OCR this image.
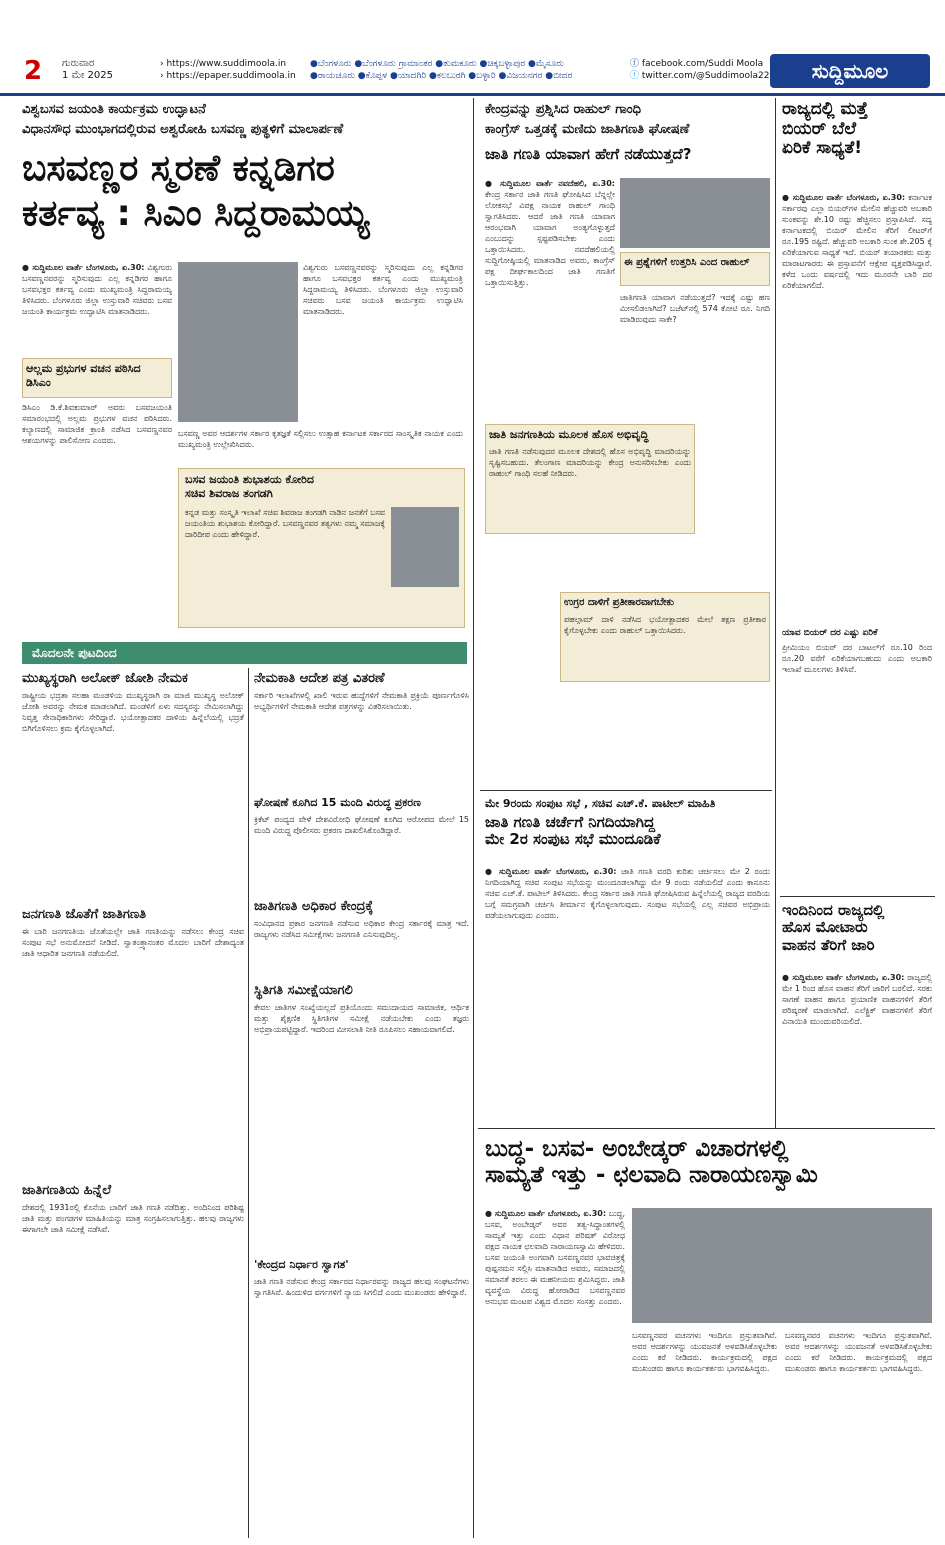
2	ಗುರುವಾರ
1 ಮೇ 2025
› https://www.suddimoola.in
› https://epaper.suddimoola.in
●ಬೆಂಗಳೂರು ●ಬೆಂಗಳೂರು ಗ್ರಾಮಾಂತರ ●ತುಮಕೂರು ●ಚಿಕ್ಕಬಳ್ಳಾಪುರ ●ಮೈಸೂರು
●ರಾಯಚೂರು ●ಕೊಪ್ಪಳ ●ಯಾದಗಿರಿ ●ಕಲಬುರಗಿ ●ಬಳ್ಳಾರಿ ●ವಿಜಯನಗರ ●ಬೀದರ
ⓕ facebook.com/Suddi Moola
ⓣ twitter.com/@Suddimoola22	ಸುದ್ದಿಮೂಲ
ವಿಶ್ವಬಸವ ಜಯಂತಿ ಕಾರ್ಯಕ್ರಮ ಉದ್ಘಾಟನೆ
ವಿಧಾನಸೌಧ ಮುಂಭಾಗದಲ್ಲಿರುವ ಅಶ್ವರೋಹಿ ಬಸವಣ್ಣ ಪುತ್ಥಳಿಗೆ ಮಾಲಾರ್ಪಣೆ
ಬಸವಣ್ಣರ ಸ್ಮರಣೆ ಕನ್ನಡಿಗರ
ಕರ್ತವ್ಯ : ಸಿಎಂ ಸಿದ್ದರಾಮಯ್ಯ
● ಸುದ್ದಿಮೂಲ ವಾರ್ತೆ ಬೆಂಗಳೂರು, ಏ.30: ವಿಶ್ವಗುರು ಬಸವಣ್ಣನವರನ್ನು ಸ್ಮರಿಸುವುದು ಎಲ್ಲ ಕನ್ನಡಿಗರ ಹಾಗೂ ಬಸವಭಕ್ತರ ಕರ್ತವ್ಯ ಎಂದು ಮುಖ್ಯಮಂತ್ರಿ ಸಿದ್ದರಾಮಯ್ಯ ತಿಳಿಸಿದರು. ಬೆಂಗಳೂರು ಜಿಲ್ಲಾ ಉಸ್ತುವಾರಿ ಸಚಿವರು ಬಸವ ಜಯಂತಿ ಕಾರ್ಯಕ್ರಮ ಉದ್ಘಾಟಿಸಿ ಮಾತನಾಡಿದರು.
ಆಲ್ಲಮ ಪ್ರಭುಗಳ ವಚನ ಪಠಿಸಿದ ಡಿಸಿಎಂ
ಡಿಸಿಎಂ ಡಿ.ಕೆ.ಶಿವಕುಮಾರ್ ಅವರು ಬಸವಜಯಂತಿ ಸಮಾರಂಭದಲ್ಲಿ ಅಲ್ಲಮ ಪ್ರಭುಗಳ ವಚನ ಪಠಿಸಿದರು. ಕಲ್ಯಾಣದಲ್ಲಿ ಸಾಮಾಜಿಕ ಕ್ರಾಂತಿ ನಡೆಸಿದ ಬಸವಣ್ಣನವರ ಆಶಯಗಳನ್ನು ಪಾಲಿಸೋಣ ಎಂದರು.
ವಿಶ್ವಗುರು ಬಸವಣ್ಣನವರನ್ನು ಸ್ಮರಿಸುವುದು ಎಲ್ಲ ಕನ್ನಡಿಗರ ಹಾಗೂ ಬಸವಭಕ್ತರ ಕರ್ತವ್ಯ ಎಂದು ಮುಖ್ಯಮಂತ್ರಿ ಸಿದ್ದರಾಮಯ್ಯ ತಿಳಿಸಿದರು. ಬೆಂಗಳೂರು ಜಿಲ್ಲಾ ಉಸ್ತುವಾರಿ ಸಚಿವರು ಬಸವ ಜಯಂತಿ ಕಾರ್ಯಕ್ರಮ ಉದ್ಘಾಟಿಸಿ ಮಾತನಾಡಿದರು.
ಬಸವಣ್ಣ ಅವರ ಆದರ್ಶಗಳ ಸರ್ಕಾರ ಕೃತಜ್ಞತೆ ಸಲ್ಲಿಸಲು ಉತ್ಸಾಹ ಕರ್ನಾಟಕ ಸರ್ಕಾರದ ಸಾಂಸ್ಕೃತಿಕ ನಾಯಕ ಎಂದು ಮುಖ್ಯಮಂತ್ರಿ ಉಲ್ಲೇಖಿಸಿದರು.
ಬಸವ ಜಯಂತಿ ಶುಭಾಶಯ ಕೋರಿದ
ಸಚಿವ ಶಿವರಾಜ ತಂಗಡಗಿ
ಕನ್ನಡ ಮತ್ತು ಸಂಸ್ಕೃತಿ ಇಲಾಖೆ ಸಚಿವ ಶಿವರಾಜ ತಂಗಡಗಿ ನಾಡಿನ ಜನತೆಗೆ ಬಸವ ಜಯಂತಿಯ ಶುಭಾಶಯ ಕೋರಿದ್ದಾರೆ. ಬಸವಣ್ಣನವರ ತತ್ವಗಳು ನಮ್ಮ ಸಮಾಜಕ್ಕೆ ದಾರಿದೀಪ ಎಂದು ಹೇಳಿದ್ದಾರೆ.
ಮೊದಲನೇ ಪುಟದಿಂದ
ಮುಖ್ಯಸ್ಥರಾಗಿ ಅಲೋಕ್ ಜೋಶಿ ನೇಮಕ
ರಾಷ್ಟ್ರೀಯ ಭದ್ರತಾ ಸಲಹಾ ಮಂಡಳಿಯ ಮುಖ್ಯಸ್ಥರಾಗಿ ರಾ ಮಾಜಿ ಮುಖ್ಯಸ್ಥ ಅಲೋಕ್ ಜೋಶಿ ಅವರನ್ನು ನೇಮಕ ಮಾಡಲಾಗಿದೆ. ಮಂಡಳಿಗೆ ಏಳು ಸದಸ್ಯರನ್ನು ನೇಮಿಸಲಾಗಿದ್ದು ನಿವೃತ್ತ ಸೇನಾಧಿಕಾರಿಗಳು ಸೇರಿದ್ದಾರೆ. ಭಯೋತ್ಪಾದಕರ ದಾಳಿಯ ಹಿನ್ನೆಲೆಯಲ್ಲಿ ಭದ್ರತೆ ಬಿಗಿಗೊಳಿಸಲು ಕ್ರಮ ಕೈಗೊಳ್ಳಲಾಗಿದೆ.
ಜನಗಣತಿ ಜೊತೆಗೆ ಜಾತಿಗಣತಿ
ಈ ಬಾರಿ ಜನಗಣತಿಯ ಜೊತೆಯಲ್ಲೇ ಜಾತಿ ಗಣತಿಯನ್ನು ನಡೆಸಲು ಕೇಂದ್ರ ಸಚಿವ ಸಂಪುಟ ಸಭೆ ಅನುಮೋದನೆ ನೀಡಿದೆ. ಸ್ವಾತಂತ್ರ್ಯಾನಂತರ ಮೊದಲ ಬಾರಿಗೆ ದೇಶಾದ್ಯಂತ ಜಾತಿ ಆಧಾರಿತ ಜನಗಣತಿ ನಡೆಯಲಿದೆ.
ಜಾತಿಗಣತಿಯ ಹಿನ್ನೆಲೆ
ದೇಶದಲ್ಲಿ 1931ರಲ್ಲಿ ಕೊನೆಯ ಬಾರಿಗೆ ಜಾತಿ ಗಣತಿ ನಡೆದಿತ್ತು. ಅಂದಿನಿಂದ ಪರಿಶಿಷ್ಟ ಜಾತಿ ಮತ್ತು ಪಂಗಡಗಳ ಮಾಹಿತಿಯನ್ನು ಮಾತ್ರ ಸಂಗ್ರಹಿಸಲಾಗುತ್ತಿತ್ತು. ಹಲವು ರಾಜ್ಯಗಳು ಈಗಾಗಲೇ ಜಾತಿ ಸಮೀಕ್ಷೆ ನಡೆಸಿವೆ.
ನೇಮಕಾತಿ ಆದೇಶ ಪತ್ರ ವಿತರಣೆ
ಸರ್ಕಾರಿ ಇಲಾಖೆಗಳಲ್ಲಿ ಖಾಲಿ ಇರುವ ಹುದ್ದೆಗಳಿಗೆ ನೇಮಕಾತಿ ಪ್ರಕ್ರಿಯೆ ಪೂರ್ಣಗೊಳಿಸಿ ಅಭ್ಯರ್ಥಿಗಳಿಗೆ ನೇಮಕಾತಿ ಆದೇಶ ಪತ್ರಗಳನ್ನು ವಿತರಿಸಲಾಯಿತು.
ಘೋಷಣೆ ಕೂಗಿದ 15 ಮಂದಿ ವಿರುದ್ಧ ಪ್ರಕರಣ
ಕ್ರಿಕೆಟ್ ಪಂದ್ಯದ ವೇಳೆ ದೇಶವಿರೋಧಿ ಘೋಷಣೆ ಕೂಗಿದ ಆರೋಪದ ಮೇಲೆ 15 ಮಂದಿ ವಿರುದ್ಧ ಪೊಲೀಸರು ಪ್ರಕರಣ ದಾಖಲಿಸಿಕೊಂಡಿದ್ದಾರೆ.
ಜಾತಿಗಣತಿ ಅಧಿಕಾರ ಕೇಂದ್ರಕ್ಕೆ
ಸಂವಿಧಾನದ ಪ್ರಕಾರ ಜನಗಣತಿ ನಡೆಸುವ ಅಧಿಕಾರ ಕೇಂದ್ರ ಸರ್ಕಾರಕ್ಕೆ ಮಾತ್ರ ಇದೆ. ರಾಜ್ಯಗಳು ನಡೆಸಿದ ಸಮೀಕ್ಷೆಗಳು ಜನಗಣತಿ ಎನಿಸುವುದಿಲ್ಲ.
ಸ್ಥಿತಿಗತಿ ಸಮೀಕ್ಷೆಯಾಗಲಿ
ಕೇವಲ ಜಾತಿಗಳ ಸಂಖ್ಯೆಯಲ್ಲದೆ ಪ್ರತಿಯೊಂದು ಸಮುದಾಯದ ಸಾಮಾಜಿಕ, ಆರ್ಥಿಕ ಮತ್ತು ಶೈಕ್ಷಣಿಕ ಸ್ಥಿತಿಗತಿಗಳ ಸಮೀಕ್ಷೆ ನಡೆಯಬೇಕು ಎಂದು ತಜ್ಞರು ಅಭಿಪ್ರಾಯಪಟ್ಟಿದ್ದಾರೆ. ಇದರಿಂದ ಮೀಸಲಾತಿ ನೀತಿ ರೂಪಿಸಲು ಸಹಾಯವಾಗಲಿದೆ.
'ಕೇಂದ್ರದ ನಿರ್ಧಾರ ಸ್ವಾಗತ'
ಜಾತಿ ಗಣತಿ ನಡೆಸುವ ಕೇಂದ್ರ ಸರ್ಕಾರದ ನಿರ್ಧಾರವನ್ನು ರಾಜ್ಯದ ಹಲವು ಸಂಘಟನೆಗಳು ಸ್ವಾಗತಿಸಿವೆ. ಹಿಂದುಳಿದ ವರ್ಗಗಳಿಗೆ ನ್ಯಾಯ ಸಿಗಲಿದೆ ಎಂದು ಮುಖಂಡರು ಹೇಳಿದ್ದಾರೆ.
ಕೇಂದ್ರವನ್ನು ಪ್ರಶ್ನಿಸಿದ ರಾಹುಲ್ ಗಾಂಧಿ
ಕಾಂಗ್ರೆಸ್ ಒತ್ತಡಕ್ಕೆ ಮಣಿದು ಜಾತಿಗಣತಿ ಘೋಷಣೆ
ಜಾತಿ ಗಣತಿ ಯಾವಾಗ ಹೇಗೆ ನಡೆಯುತ್ತದೆ?
● ಸುದ್ದಿಮೂಲ ವಾರ್ತೆ ನವದೆಹಲಿ, ಏ.30: ಕೇಂದ್ರ ಸರ್ಕಾರ ಜಾತಿ ಗಣತಿ ಘೋಷಿಸಿದ ಬೆನ್ನಲ್ಲೇ ಲೋಕಸಭೆ ವಿಪಕ್ಷ ನಾಯಕ ರಾಹುಲ್ ಗಾಂಧಿ ಸ್ವಾಗತಿಸಿದರು. ಆದರೆ ಜಾತಿ ಗಣತಿ ಯಾವಾಗ ಆರಂಭವಾಗಿ ಯಾವಾಗ ಅಂತ್ಯಗೊಳ್ಳುತ್ತದೆ ಎಂಬುದನ್ನು ಸ್ಪಷ್ಟಪಡಿಸಬೇಕು ಎಂದು ಒತ್ತಾಯಿಸಿದರು. ನವದೆಹಲಿಯಲ್ಲಿ ಸುದ್ದಿಗೋಷ್ಠಿಯಲ್ಲಿ ಮಾತನಾಡಿದ ಅವರು, ಕಾಂಗ್ರೆಸ್ ಪಕ್ಷ ದೀರ್ಘಕಾಲದಿಂದ ಜಾತಿ ಗಣತಿಗೆ ಒತ್ತಾಯಿಸುತ್ತಿತ್ತು.
ಈ ಪ್ರಶ್ನೆಗಳಿಗೆ ಉತ್ತರಿಸಿ ಎಂದ ರಾಹುಲ್
ಜಾತಿಗಣತಿ ಯಾವಾಗ ನಡೆಯುತ್ತದೆ? ಇದಕ್ಕೆ ಎಷ್ಟು ಹಣ ಮೀಸಲಿಡಲಾಗಿದೆ? ಬಜೆಟ್‌ನಲ್ಲಿ 574 ಕೋಟಿ ರೂ. ನಿಗದಿ ಮಾಡಿರುವುದು ಸಾಕೇ?
ಜಾತಿ ಜನಗಣತಿಯ ಮೂಲಕ ಹೊಸ ಅಭಿವೃದ್ಧಿ
ಜಾತಿ ಗಣತಿ ನಡೆಸುವುದರ ಮೂಲಕ ದೇಶದಲ್ಲಿ ಹೊಸ ಅಭಿವೃದ್ಧಿ ಮಾದರಿಯನ್ನು ಸೃಷ್ಟಿಸಬಹುದು. ತೆಲಂಗಾಣ ಮಾದರಿಯನ್ನು ಕೇಂದ್ರ ಅನುಸರಿಸಬೇಕು ಎಂದು ರಾಹುಲ್ ಗಾಂಧಿ ಸಲಹೆ ನೀಡಿದರು.
ಉಗ್ರರ ದಾಳಿಗೆ ಪ್ರತೀಕಾರವಾಗಬೇಕು
ಪಹಲ್ಗಾಮ್ ದಾಳಿ ನಡೆಸಿದ ಭಯೋತ್ಪಾದಕರ ಮೇಲೆ ತಕ್ಷಣ ಪ್ರತೀಕಾರ ಕೈಗೊಳ್ಳಬೇಕು ಎಂದು ರಾಹುಲ್ ಒತ್ತಾಯಿಸಿದರು.
ಮೇ 9ರಂದು ಸಂಪುಟ ಸಭೆ , ಸಚಿವ ಎಚ್.ಕೆ. ಪಾಟೀಲ್ ಮಾಹಿತಿ
ಜಾತಿ ಗಣತಿ ಚರ್ಚೆಗೆ ನಿಗದಿಯಾಗಿದ್ದ
ಮೇ 2ರ ಸಂಪುಟ ಸಭೆ ಮುಂದೂಡಿಕೆ
● ಸುದ್ದಿಮೂಲ ವಾರ್ತೆ ಬೆಂಗಳೂರು, ಏ.30: ಜಾತಿ ಗಣತಿ ವರದಿ ಕುರಿತು ಚರ್ಚಿಸಲು ಮೇ 2 ರಂದು ನಿಗದಿಯಾಗಿದ್ದ ಸಚಿವ ಸಂಪುಟ ಸಭೆಯನ್ನು ಮುಂದೂಡಲಾಗಿದ್ದು ಮೇ 9 ರಂದು ನಡೆಯಲಿದೆ ಎಂದು ಕಾನೂನು ಸಚಿವ ಎಚ್.ಕೆ. ಪಾಟೀಲ್ ತಿಳಿಸಿದರು. ಕೇಂದ್ರ ಸರ್ಕಾರ ಜಾತಿ ಗಣತಿ ಘೋಷಿಸಿರುವ ಹಿನ್ನೆಲೆಯಲ್ಲಿ ರಾಜ್ಯದ ವರದಿಯ ಬಗ್ಗೆ ಸಮಗ್ರವಾಗಿ ಚರ್ಚಿಸಿ ತೀರ್ಮಾನ ಕೈಗೊಳ್ಳಲಾಗುವುದು. ಸಂಪುಟ ಸಭೆಯಲ್ಲಿ ಎಲ್ಲ ಸಚಿವರ ಅಭಿಪ್ರಾಯ ಪಡೆಯಲಾಗುವುದು ಎಂದರು.
ರಾಜ್ಯದಲ್ಲಿ ಮತ್ತೆ
ಬಿಯರ್ ಬೆಲೆ
ಏರಿಕೆ ಸಾಧ್ಯತೆ!
● ಸುದ್ದಿಮೂಲ ವಾರ್ತೆ ಬೆಂಗಳೂರು, ಏ.30: ಕರ್ನಾಟಕ ಸರ್ಕಾರವು ಎಲ್ಲಾ ಬಿಯರ್‌ಗಳ ಮೇಲಿನ ಹೆಚ್ಚುವರಿ ಅಬಕಾರಿ ಸುಂಕವನ್ನು ಶೇ.10 ರಷ್ಟು ಹೆಚ್ಚಿಸಲು ಪ್ರಸ್ತಾಪಿಸಿದೆ. ಸದ್ಯ ಕರ್ನಾಟಕದಲ್ಲಿ ಬಿಯರ್ ಮೇಲಿನ ತೆರಿಗೆ ಲೀಟರ್‌ಗೆ ರೂ.195 ರಷ್ಟಿದೆ. ಹೆಚ್ಚುವರಿ ಅಬಕಾರಿ ಸುಂಕ ಶೇ.205 ಕ್ಕೆ ಏರಿಕೆಯಾಗುವ ಸಾಧ್ಯತೆ ಇದೆ. ಬಿಯರ್ ತಯಾರಕರು ಮತ್ತು ಮಾರಾಟಗಾರರು ಈ ಪ್ರಸ್ತಾವನೆಗೆ ಆಕ್ಷೇಪ ವ್ಯಕ್ತಪಡಿಸಿದ್ದಾರೆ. ಕಳೆದ ಒಂದು ವರ್ಷದಲ್ಲಿ ಇದು ಮೂರನೇ ಬಾರಿ ದರ ಏರಿಕೆಯಾಗಲಿದೆ.
ಯಾವ ಬಿಯರ್ ದರ ಎಷ್ಟು ಏರಿಕೆ
ಪ್ರೀಮಿಯಂ ಬಿಯರ್ ದರ ಬಾಟಲ್‌ಗೆ ರೂ.10 ರಿಂದ ರೂ.20 ವರೆಗೆ ಏರಿಕೆಯಾಗಬಹುದು ಎಂದು ಅಬಕಾರಿ ಇಲಾಖೆ ಮೂಲಗಳು ತಿಳಿಸಿವೆ.
ಇಂದಿನಿಂದ ರಾಜ್ಯದಲ್ಲಿ
ಹೊಸ ಮೋಟಾರು
ವಾಹನ ತೆರಿಗೆ ಜಾರಿ
● ಸುದ್ದಿಮೂಲ ವಾರ್ತೆ ಬೆಂಗಳೂರು, ಏ.30: ರಾಜ್ಯದಲ್ಲಿ ಮೇ 1 ರಿಂದ ಹೊಸ ವಾಹನ ತೆರಿಗೆ ಜಾರಿಗೆ ಬರಲಿದೆ. ಸರಕು ಸಾಗಣೆ ವಾಹನ ಹಾಗೂ ಪ್ರಯಾಣಿಕ ವಾಹನಗಳಿಗೆ ತೆರಿಗೆ ಪರಿಷ್ಕರಣೆ ಮಾಡಲಾಗಿದೆ. ಎಲೆಕ್ಟ್ರಿಕ್ ವಾಹನಗಳಿಗೆ ತೆರಿಗೆ ವಿನಾಯಿತಿ ಮುಂದುವರಿಯಲಿದೆ.
ಬುದ್ಧ- ಬಸವ- ಅಂಬೇಡ್ಕರ್ ವಿಚಾರಗಳಲ್ಲಿ
ಸಾಮ್ಯತೆ ಇತ್ತು - ಛಲವಾದಿ ನಾರಾಯಣಸ್ವಾಮಿ
● ಸುದ್ದಿಮೂಲ ವಾರ್ತೆ ಬೆಂಗಳೂರು, ಏ.30: ಬುದ್ಧ, ಬಸವ, ಅಂಬೇಡ್ಕರ್ ಅವರ ತತ್ವ-ಸಿದ್ಧಾಂತಗಳಲ್ಲಿ ಸಾಮ್ಯತೆ ಇತ್ತು ಎಂದು ವಿಧಾನ ಪರಿಷತ್ ವಿರೋಧ ಪಕ್ಷದ ನಾಯಕ ಛಲವಾದಿ ನಾರಾಯಣಸ್ವಾಮಿ ಹೇಳಿದರು. ಬಸವ ಜಯಂತಿ ಅಂಗವಾಗಿ ಬಸವಣ್ಣನವರ ಭಾವಚಿತ್ರಕ್ಕೆ ಪುಷ್ಪನಮನ ಸಲ್ಲಿಸಿ ಮಾತನಾಡಿದ ಅವರು, ಸಮಾಜದಲ್ಲಿ ಸಮಾನತೆ ತರಲು ಈ ಮಹನೀಯರು ಶ್ರಮಿಸಿದ್ದರು. ಜಾತಿ ವ್ಯವಸ್ಥೆಯ ವಿರುದ್ಧ ಹೋರಾಡಿದ ಬಸವಣ್ಣನವರ ಅನುಭವ ಮಂಟಪ ವಿಶ್ವದ ಮೊದಲ ಸಂಸತ್ತು ಎಂದರು.
ಬಸವಣ್ಣನವರ ವಚನಗಳು ಇಂದಿಗೂ ಪ್ರಸ್ತುತವಾಗಿವೆ. ಅವರ ಆದರ್ಶಗಳನ್ನು ಯುವಜನತೆ ಅಳವಡಿಸಿಕೊಳ್ಳಬೇಕು ಎಂದು ಕರೆ ನೀಡಿದರು. ಕಾರ್ಯಕ್ರಮದಲ್ಲಿ ಪಕ್ಷದ ಮುಖಂಡರು ಹಾಗೂ ಕಾರ್ಯಕರ್ತರು ಭಾಗವಹಿಸಿದ್ದರು.
ಬಸವಣ್ಣನವರ ವಚನಗಳು ಇಂದಿಗೂ ಪ್ರಸ್ತುತವಾಗಿವೆ. ಅವರ ಆದರ್ಶಗಳನ್ನು ಯುವಜನತೆ ಅಳವಡಿಸಿಕೊಳ್ಳಬೇಕು ಎಂದು ಕರೆ ನೀಡಿದರು. ಕಾರ್ಯಕ್ರಮದಲ್ಲಿ ಪಕ್ಷದ ಮುಖಂಡರು ಹಾಗೂ ಕಾರ್ಯಕರ್ತರು ಭಾಗವಹಿಸಿದ್ದರು.
